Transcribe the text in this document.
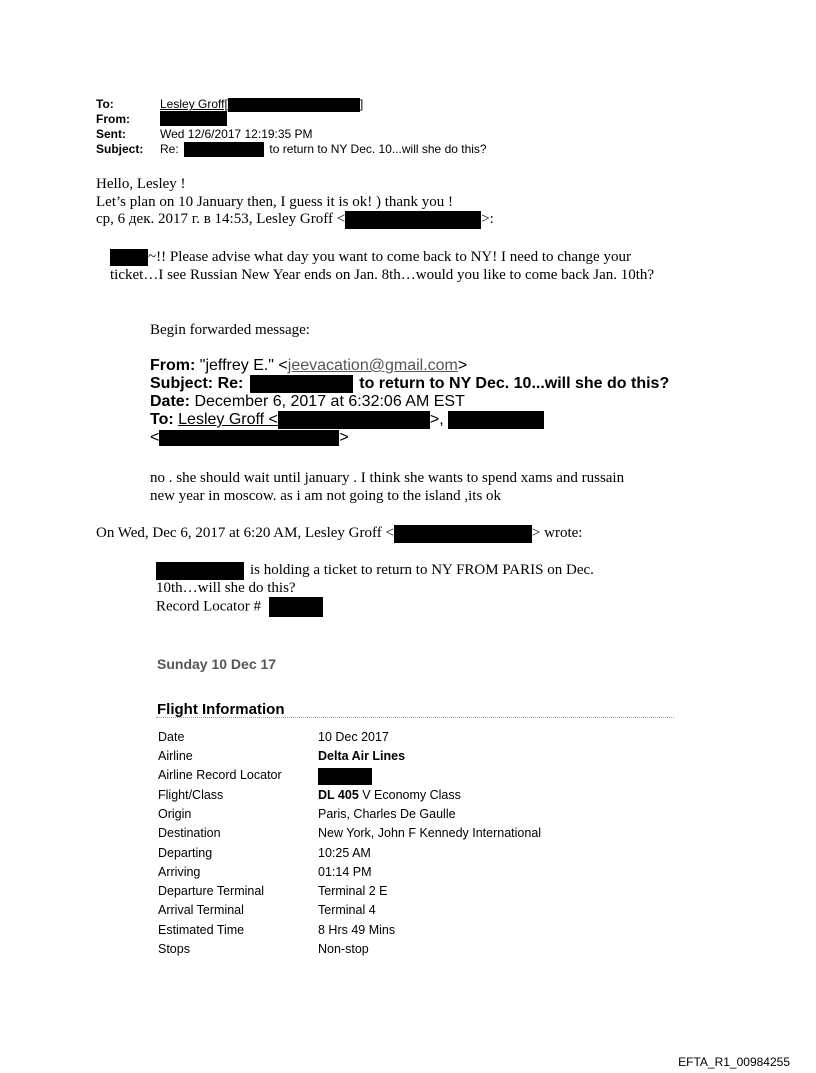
To:	Lesley Groff[	]
From:
Sent:	Wed 12/6/2017 12:19:35 PM
Subject: Re:	to return to NY Dec. 10...will she do this?
Hello, Lesley !
Let’s plan on 10 January then, I guess it is ok! ) thank you !
ср, 6 дек. 2017 г. в 14:53, Lesley Groff <	>:
~!! Please advise what day you want to come back to NY! I need to change your
ticket…I see Russian New Year ends on Jan. 8th…would you like to come back Jan. 10th?
Begin forwarded message:
From: "jeffrey E." <jeevacation@gmail.com>
Subject: Re:	to return to NY Dec. 10...will she do this?
Date: December 6, 2017 at 6:32:06 AM EST
To: Lesley Groff <	>,
<	>
no . she should wait until january . I think she wants to spend xams and russain
new year in moscow. as i am not going to the island ,its ok
On Wed, Dec 6, 2017 at 6:20 AM, Lesley Groff <	> wrote:
is holding a ticket to return to NY FROM PARIS on Dec.
10th…will she do this?
Record Locator #
Sunday 10 Dec 17
Flight Information
Date	10 Dec 2017
Airline	Delta Air Lines
Airline Record Locator
Flight/Class	DL 405 V Economy Class
Origin	Paris, Charles De Gaulle
Destination	New York, John F Kennedy International
Departing	10:25 AM
Arriving	01:14 PM
Departure Terminal	Terminal 2 E
Arrival Terminal	Terminal 4
Estimated Time	8 Hrs 49 Mins
Stops	Non-stop
EFTA_R1_00984255
